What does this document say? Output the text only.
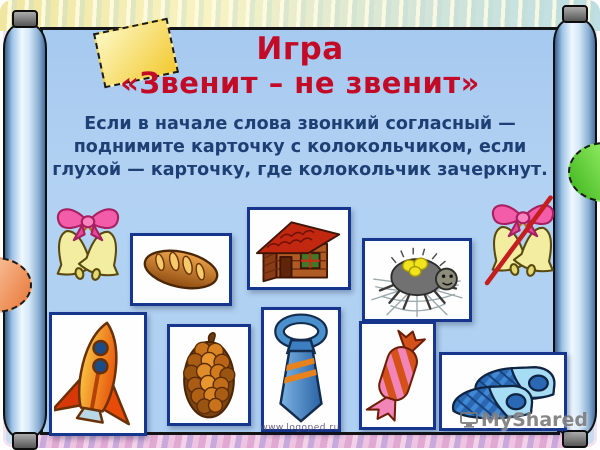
Игра
«Звенит – не звенит»
Если в начале слова звонкий согласный — поднимите карточку с колокольчиком, если глухой — карточку, где колокольчик зачеркнут.
www.logoped.ru	MyShared
